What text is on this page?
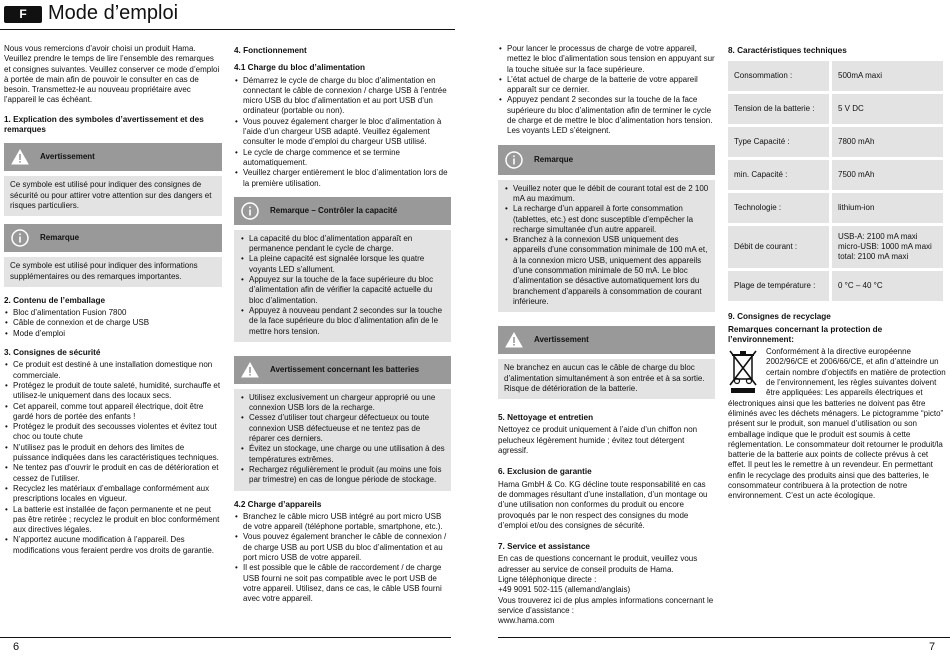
F	Mode d’emploi

Nous vous remercions d’avoir choisi un produit Hama. Veuillez prendre le temps de lire l’ensemble des remarques et consignes suivantes. Veuillez conserver ce mode d’emploi à portée de main afin de pouvoir le consulter en cas de besoin. Transmettez-le au nouveau propriétaire avec l’appareil le cas échéant.

1. Explication des symboles d’avertissement et des remarques
Avertissement
Ce symbole est utilisé pour indiquer des consignes de sécurité ou pour attirer votre attention sur des dangers et risques particuliers.
Remarque
Ce symbole est utilisé pour indiquer des informations supplémentaires ou des remarques importantes.
2. Contenu de l’emballage
• Bloc d’alimentation Fusion 7800
• Câble de connexion et de charge USB
• Mode d’emploi
3. Consignes de sécurité
• Ce produit est destiné à une installation domestique non commerciale.
• Protégez le produit de toute saleté, humidité, surchauffe et utilisez-le uniquement dans des locaux secs.
• Cet appareil, comme tout appareil électrique, doit être gardé hors de portée des enfants !
• Protégez le produit des secousses violentes et évitez tout choc ou toute chute
• N’utilisez pas le produit en dehors des limites de puissance indiquées dans les caractéristiques techniques.
• Ne tentez pas d’ouvrir le produit en cas de détérioration et cessez de l’utiliser.
• Recyclez les matériaux d’emballage conformément aux prescriptions locales en vigueur.
• La batterie est installée de façon permanente et ne peut pas être retirée ; recyclez le produit en bloc conformément aux directives légales.
• N’apportez aucune modification à l’appareil. Des modifications vous feraient perdre vos droits de garantie.
4. Fonctionnement
4.1 Charge du bloc d’alimentation
• Démarrez le cycle de charge du bloc d’alimentation en connectant le câble de connexion / charge USB à l’entrée micro USB du bloc d’alimentation et au port USB d’un ordinateur (portable ou non).
• Vous pouvez également charger le bloc d’alimentation à l’aide d’un chargeur USB adapté. Veuillez également consulter le mode d’emploi du chargeur USB utilisé.
• Le cycle de charge commence et se termine automatiquement.
• Veuillez charger entièrement le bloc d’alimentation lors de la première utilisation.
Remarque – Contrôler la capacité
• La capacité du bloc d’alimentation apparaît en permanence pendant le cycle de charge.
• La pleine capacité est signalée lorsque les quatre voyants LED s’allument.
• Appuyez sur la touche de la face supérieure du bloc d’alimentation afin de vérifier la capacité actuelle du bloc d’alimentation.
• Appuyez à nouveau pendant 2 secondes sur la touche de la face supérieure du bloc d’alimentation afin de le mettre hors tension.
Avertissement concernant les batteries
• Utilisez exclusivement un chargeur approprié ou une connexion USB lors de la recharge.
• Cessez d’utiliser tout chargeur défectueux ou toute connexion USB défectueuse et ne tentez pas de réparer ces derniers.
• Évitez un stockage, une charge ou une utilisation à des températures extrêmes.
• Rechargez régulièrement le produit (au moins une fois par trimestre) en cas de longue période de stockage.
4.2 Charge d’appareils
• Branchez le câble micro USB intégré au port micro USB de votre appareil (téléphone portable, smartphone, etc.).
• Vous pouvez également brancher le câble de connexion / de charge USB au port USB du bloc d’alimentation et au port micro USB de votre appareil.
• Il est possible que le câble de raccordement / de charge USB fourni ne soit pas compatible avec le port USB de votre appareil. Utilisez, dans ce cas, le câble USB fourni avec votre appareil.
• Pour lancer le processus de charge de votre appareil, mettez le bloc d’alimentation sous tension en appuyant sur la touche située sur la face supérieure.
• L’état actuel de charge de la batterie de votre appareil apparaît sur ce dernier.
• Appuyez pendant 2 secondes sur la touche de la face supérieure du bloc d’alimentation afin de terminer le cycle de charge et de mettre le bloc d’alimentation hors tension. Les voyants LED s’éteignent.
Remarque
• Veuillez noter que le débit de courant total est de 2 100 mA au maximum.
• La recharge d’un appareil à forte consommation (tablettes, etc.) est donc susceptible d’empêcher la recharge simultanée d’un autre appareil.
• Branchez à la connexion USB uniquement des appareils d’une consommation minimale de 100 mA et, à la connexion micro USB, uniquement des appareils d’une consommation minimale de 50 mA. Le bloc d’alimentation se désactive automatiquement lors du branchement d’appareils à consommation de courant inférieure.
Avertissement
Ne branchez en aucun cas le câble de charge du bloc d’alimentation simultanément à son entrée et à sa sortie. Risque de détérioration de la batterie.
5. Nettoyage et entretien

Nettoyez ce produit uniquement à l’aide d’un chiffon non pelucheux légèrement humide ; évitez tout détergent agressif.

6. Exclusion de garantie

Hama GmbH & Co. KG décline toute responsabilité en cas de dommages résultant d’une installation, d’un montage ou d’une utilisation non conformes du produit ou encore provoqués par le non respect des consignes du mode d’emploi et/ou des consignes de sécurité.

7. Service et assistance

En cas de questions concernant le produit, veuillez vous adresser au service de conseil produits de Hama.

Ligne téléphonique directe :

+49 9091 502-115 (allemand/anglais)

Vous trouverez ici de plus amples informations concernant le service d’assistance :

www.hama.com

8. Caractéristiques techniques
Consommation :	500mA maxi
Tension de la batterie :	5 V DC
Type Capacité :	7800 mAh
min. Capacité :	7500 mAh
Technologie :	lithium-ion
Débit de courant :	USB-A: 2100 mA maxi
micro-USB: 1000 mA maxi
total: 2100 mA maxi
Plage de température :	0 °C – 40 °C
9. Consignes de recyclage
Remarques concernant la protection de l’environnement:

Conformément à la directive européenne 2002/96/CE et 2006/66/CE, et afin d’atteindre un certain nombre d’objectifs en matière de protection de l’environnement, les règles suivantes doivent être appliquées: Les appareils électriques et électroniques ainsi que les batteries ne doivent pas être éliminés avec les déchets ménagers. Le pictogramme “picto” présent sur le produit, son manuel d’utilisation ou son emballage indique que le produit est soumis à cette réglementation. Le consommateur doit retourner le produit/la batterie de la batterie aux points de collecte prévus à cet effet. Il peut les le remettre à un revendeur. En permettant enfin le recyclage des produits ainsi que des batteries, le consommateur contribuera à la protection de notre environnement. C’est un acte écologique.

6	7
